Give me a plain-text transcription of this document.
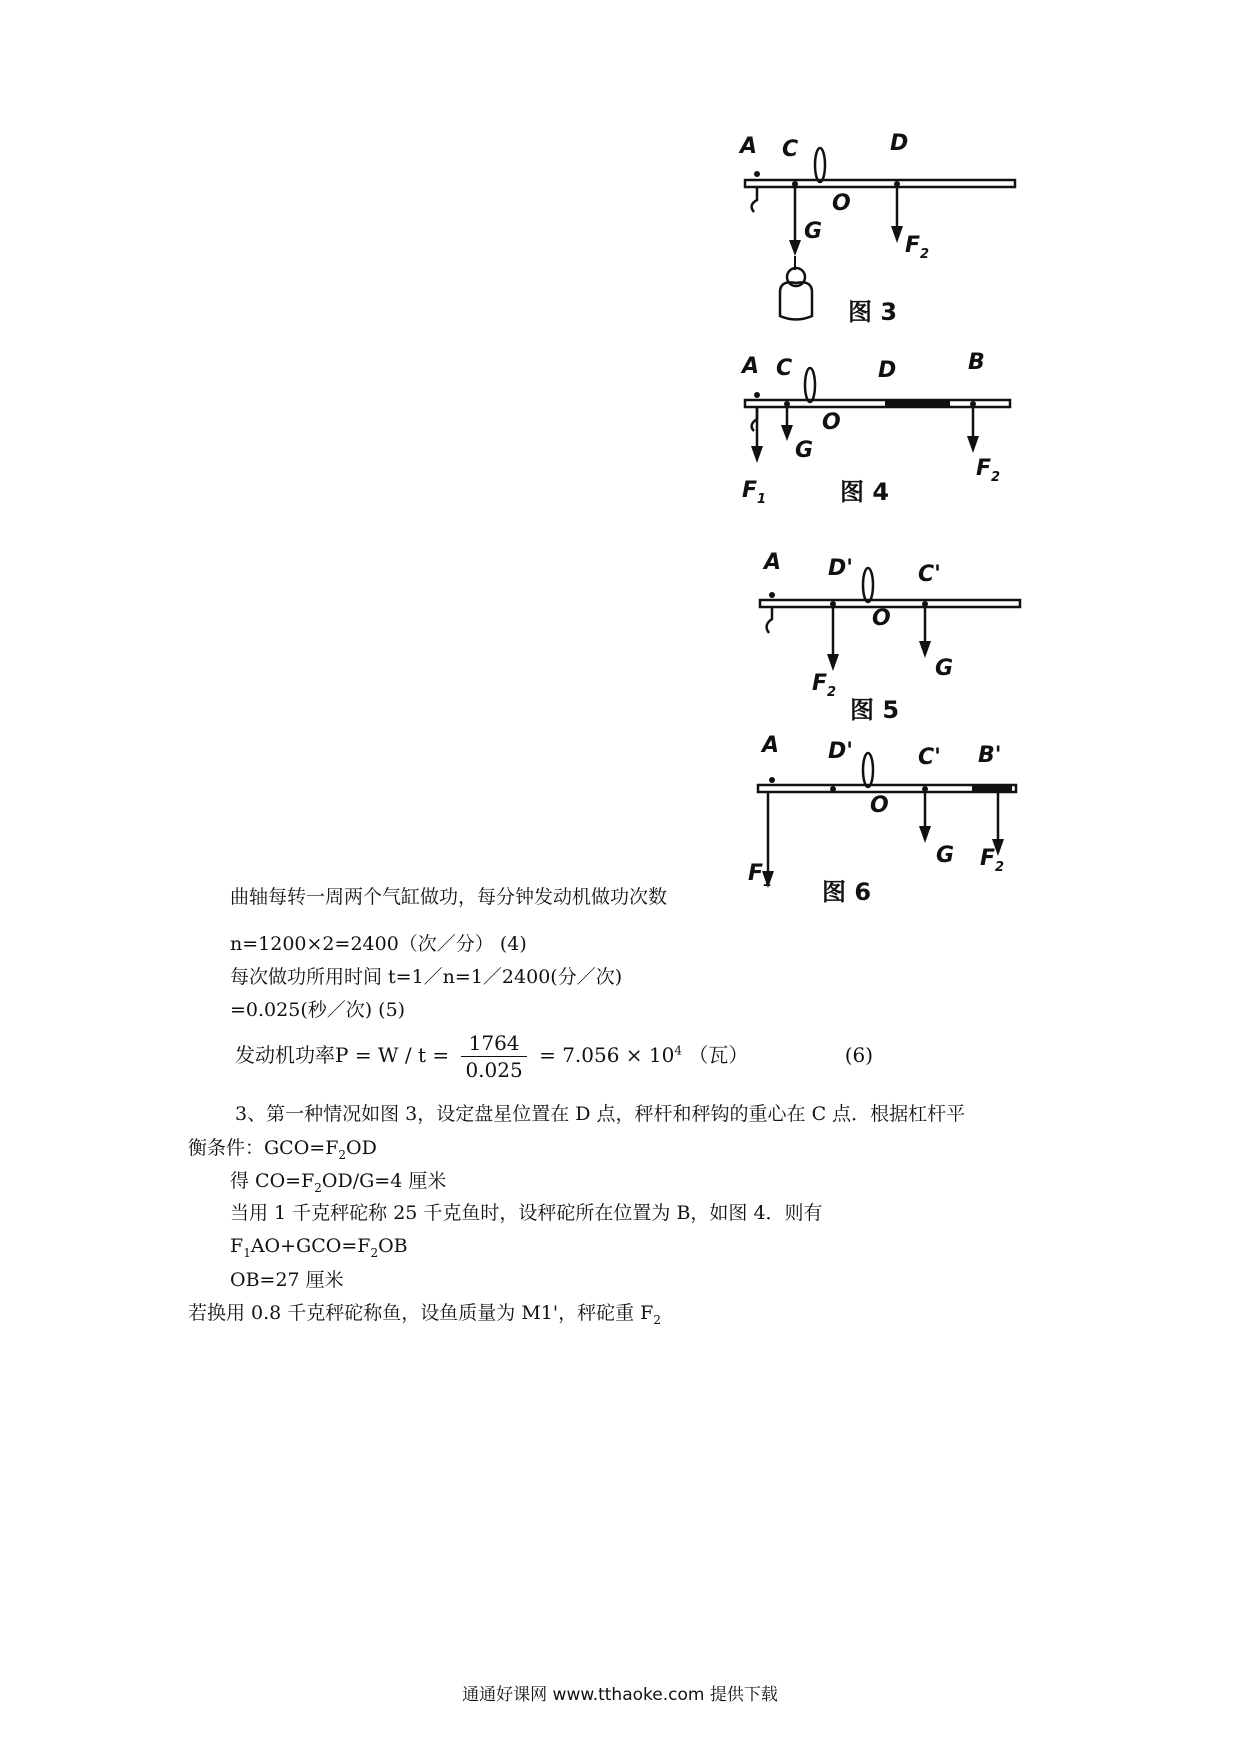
A C	D
O
G
$F_2$
图 3
A C	D	B
O
G
$F_1$
$F_2$
图 4
A D'	C'
O
G
$F_2$
图 5
A D'	C' B'
O
G
$F_1$
$F_2$
图 6
曲轴每转一周两个气缸做功，每分钟发动机做功次数
n=1200×2=2400（次／分） (4)
每次做功所用时间 t=1／n=1／2400(分／次)
=0.025(秒／次) (5)
发动机功率$P = W / t = \frac{1764}{0.025} = 7.056 \times 10^4$ （瓦）	(6)
3、第一种情况如图 3，设定盘星位置在 D 点，秤杆和秤钩的重心在 C 点．根据杠杆平
衡条件：$GCO=F_2OD$
得 $CO=F_2OD/G=4$ 厘米
当用 1 千克秤砣称 25 千克鱼时，设秤砣所在位置为 B，如图 4．则有
$F_1AO+GCO=F_2OB$
OB=27 厘米
若换用 0.8 千克秤砣称鱼，设鱼质量为 M1'，秤砣重 $F_2$
通通好课网 www.tthaoke.com 提供下载
